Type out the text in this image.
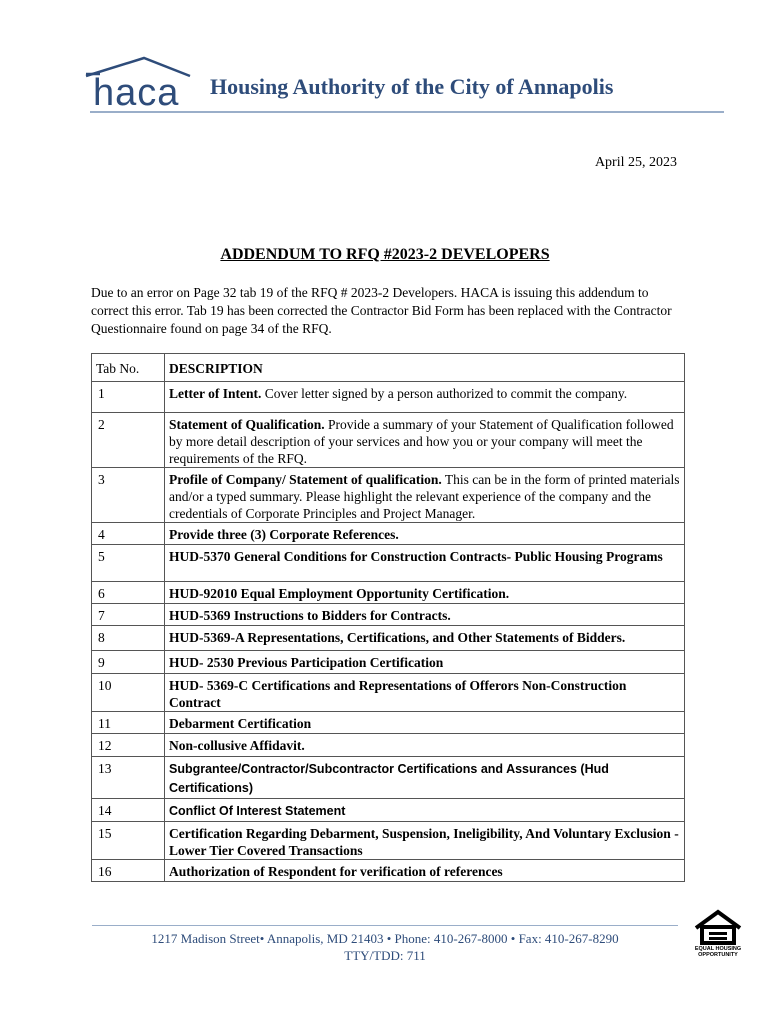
haca Housing Authority of the City of Annapolis
April 25, 2023
ADDENDUM TO RFQ #2023-2 DEVELOPERS
Due to an error on Page 32 tab 19 of the RFQ # 2023-2 Developers. HACA is issuing this addendum to correct this error. Tab 19 has been corrected the Contractor Bid Form has been replaced with the Contractor Questionnaire found on page 34 of the RFQ.
Tab No.	DESCRIPTION
1	Letter of Intent. Cover letter signed by a person authorized to commit the company.
2	Statement of Qualification. Provide a summary of your Statement of Qualification followed by more detail description of your services and how you or your company will meet the requirements of the RFQ.
3	Profile of Company/ Statement of qualification. This can be in the form of printed materials and/or a typed summary. Please highlight the relevant experience of the company and the credentials of Corporate Principles and Project Manager.
4	Provide three (3) Corporate References.
5	HUD-5370 General Conditions for Construction Contracts- Public Housing Programs
6	HUD-92010 Equal Employment Opportunity Certification.
7	HUD-5369 Instructions to Bidders for Contracts.
8	HUD-5369-A Representations, Certifications, and Other Statements of Bidders.
9	HUD- 2530 Previous Participation Certification
10	HUD- 5369-C Certifications and Representations of Offerors Non-Construction Contract
11	Debarment Certification
12	Non-collusive Affidavit.
13	Subgrantee/Contractor/Subcontractor Certifications and Assurances (Hud Certifications)
14	Conflict Of Interest Statement
15	Certification Regarding Debarment, Suspension, Ineligibility, And Voluntary Exclusion - Lower Tier Covered Transactions
16	Authorization of Respondent for verification of references
1217 Madison Street• Annapolis, MD 21403 • Phone: 410-267-8000 • Fax: 410-267-8290
TTY/TDD: 711	EQUAL HOUSING
OPPORTUNITY
